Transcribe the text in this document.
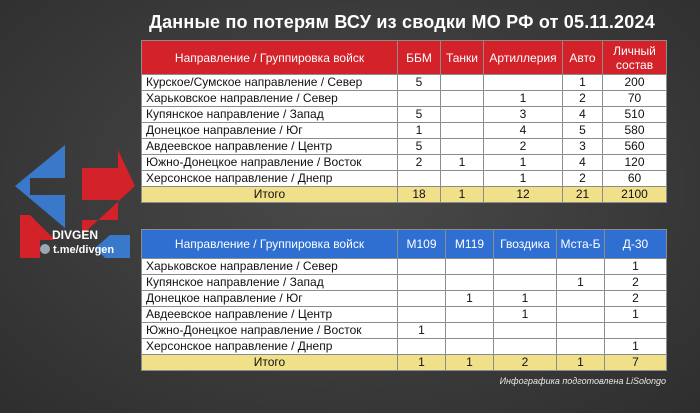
Данные по потерям ВСУ из сводки МО РФ от 05.11.2024
DIVGEN
t.me/divgen
Направление / Группировка войск	ББМ	Танки	Артиллерия	Авто	Личный состав
Курское/Сумское направление / Север	5			1	200
Харьковское направление / Север			1	2	70
Купянское направление / Запад	5		3	4	510
Донецкое направление / Юг	1		4	5	580
Авдеевское направление / Центр	5		2	3	560
Южно-Донецкое направление / Восток	2	1	1	4	120
Херсонское направление / Днепр			1	2	60
Итого	18	1	12	21	2100
Направление / Группировка войск	М109	М119	Гвоздика	Мста-Б	Д-30
Харьковское направление / Север					1
Купянское направление / Запад				1	2
Донецкое направление / Юг		1	1		2
Авдеевское направление / Центр			1		1
Южно-Донецкое направление / Восток	1				
Херсонское направление / Днепр					1
Итого	1	1	2	1	7
Инфографика подготовлена LiSolongo
